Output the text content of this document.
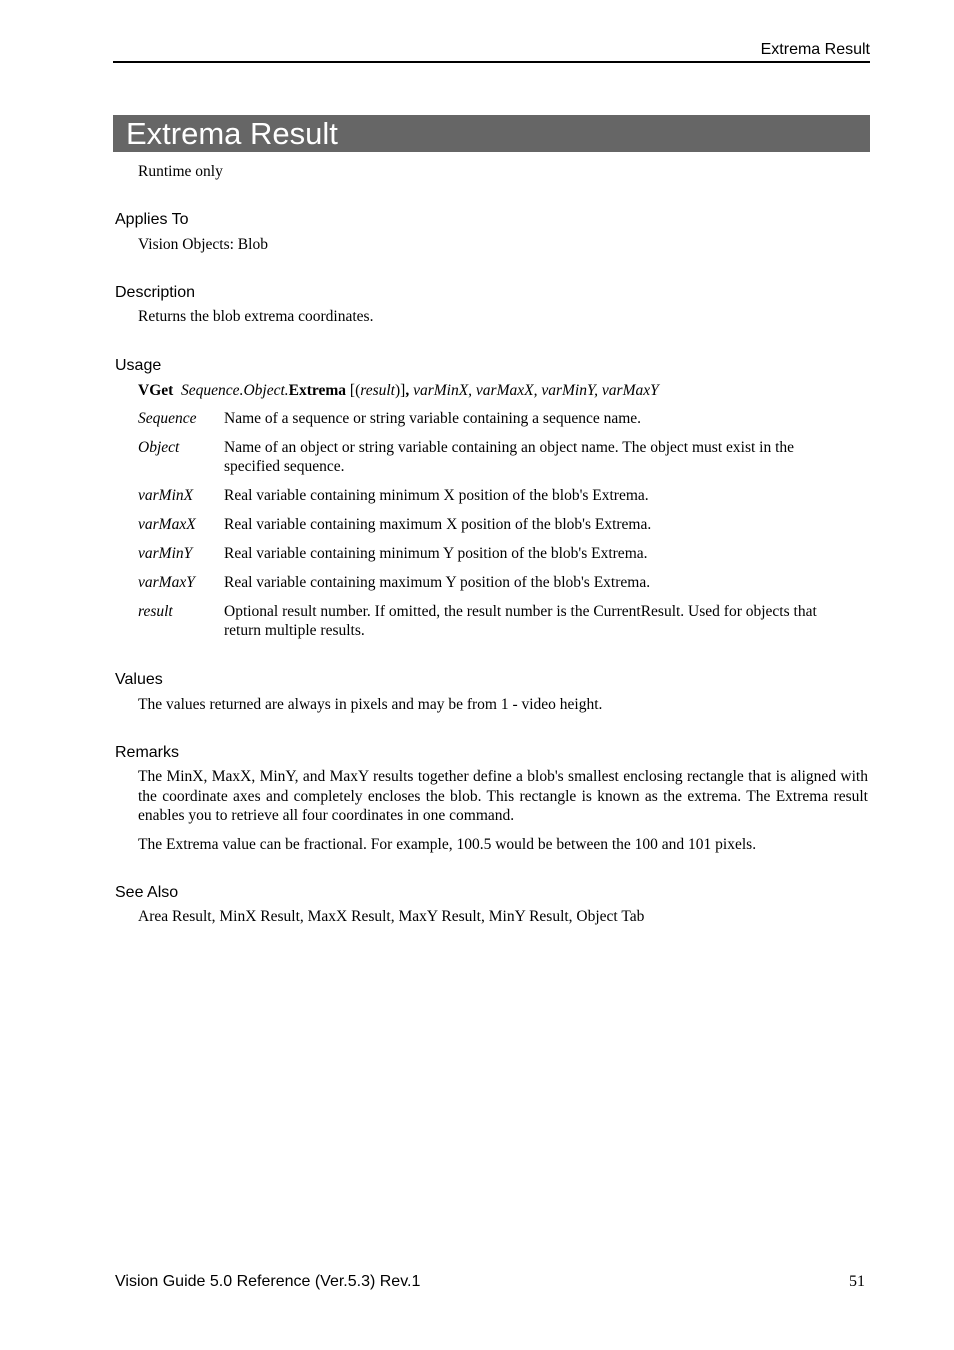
Extrema Result
Extrema Result
Runtime only
Applies To
Vision Objects: Blob
Description
Returns the blob extrema coordinates.
Usage
VGet Sequence.Object.Extrema [(result)], varMinX, varMaxX, varMinY, varMaxY
Sequence	Name of a sequence or string variable containing a sequence name.
Object	Name of an object or string variable containing an object name. The object must exist in the specified sequence.
varMinX	Real variable containing minimum X position of the blob's Extrema.
varMaxX	Real variable containing maximum X position of the blob's Extrema.
varMinY	Real variable containing minimum Y position of the blob's Extrema.
varMaxY	Real variable containing maximum Y position of the blob's Extrema.
result	Optional result number. If omitted, the result number is the CurrentResult. Used for objects that return multiple results.
Values
The values returned are always in pixels and may be from 1 - video height.
Remarks
The MinX, MaxX, MinY, and MaxY results together define a blob's smallest enclosing rectangle that is aligned with the coordinate axes and completely encloses the blob. This rectangle is known as the extrema. The Extrema result enables you to retrieve all four coordinates in one command.
The Extrema value can be fractional. For example, 100.5 would be between the 100 and 101 pixels.
See Also
Area Result, MinX Result, MaxX Result, MaxY Result, MinY Result, Object Tab
Vision Guide 5.0 Reference (Ver.5.3) Rev.1	51
